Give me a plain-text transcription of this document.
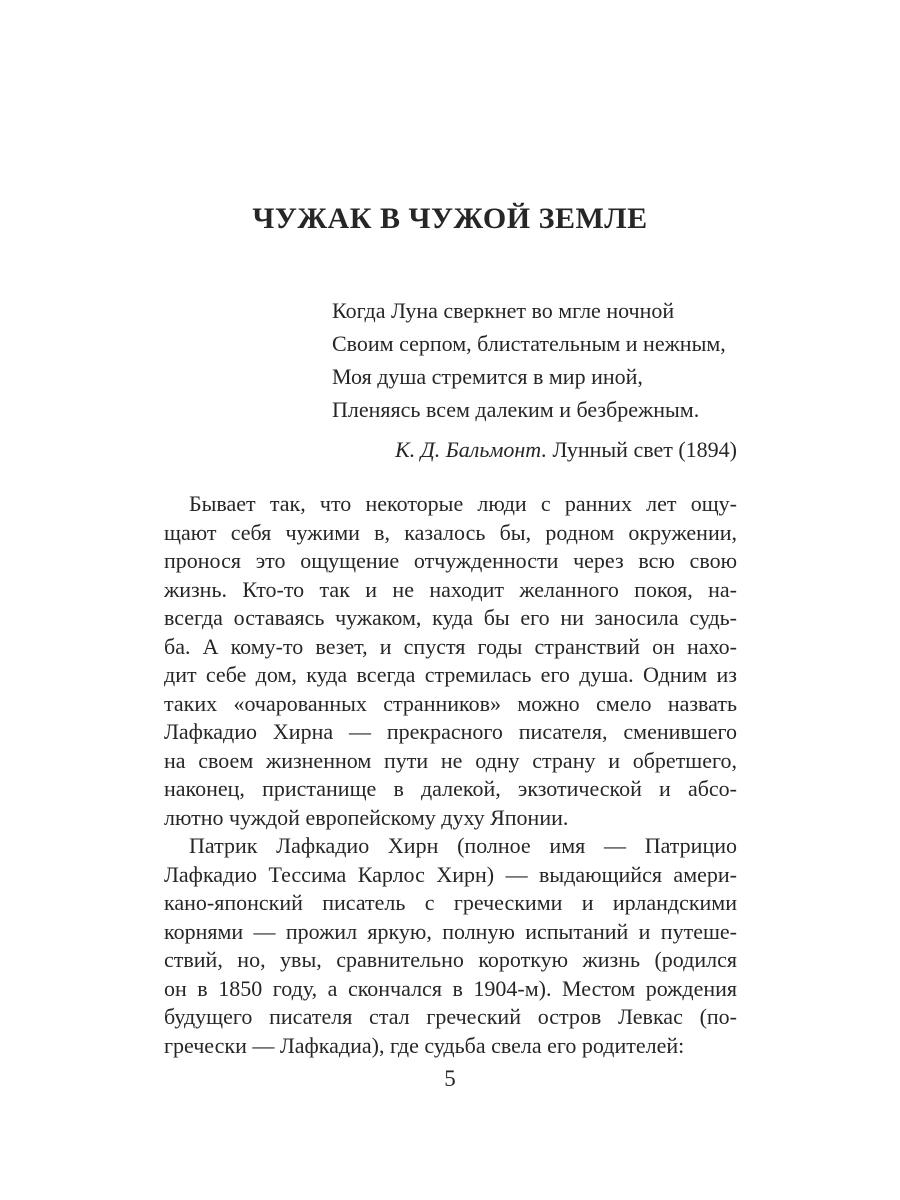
ЧУЖАК В ЧУЖОЙ ЗЕМЛЕ
Когда Луна сверкнет во мгле ночной
Своим серпом, блистательным и нежным,
Моя душа стремится в мир иной,
Пленяясь всем далеким и безбрежным.
К. Д. Бальмонт. Лунный свет (1894)
Бывает так, что некоторые люди с ранних лет ощу-
щают себя чужими в, казалось бы, родном окружении,
пронося это ощущение отчужденности через всю свою
жизнь. Кто-то так и не находит желанного покоя, на-
всегда оставаясь чужаком, куда бы его ни заносила судь-
ба. А кому-то везет, и спустя годы странствий он нахо-
дит себе дом, куда всегда стремилась его душа. Одним из
таких «очарованных странников» можно смело назвать
Лафкадио Хирна — прекрасного писателя, сменившего
на своем жизненном пути не одну страну и обретшего,
наконец, пристанище в далекой, экзотической и абсо-
лютно чуждой европейскому духу Японии.
Патрик Лафкадио Хирн (полное имя — Патрицио
Лафкадио Тессима Карлос Хирн) — выдающийся амери-
кано-японский писатель с греческими и ирландскими
корнями — прожил яркую, полную испытаний и путеше-
ствий, но, увы, сравнительно короткую жизнь (родился
он в 1850 году, а скончался в 1904-м). Местом рождения
будущего писателя стал греческий остров Левкас (по-
гречески — Лафкадиа), где судьба свела его родителей:
5
